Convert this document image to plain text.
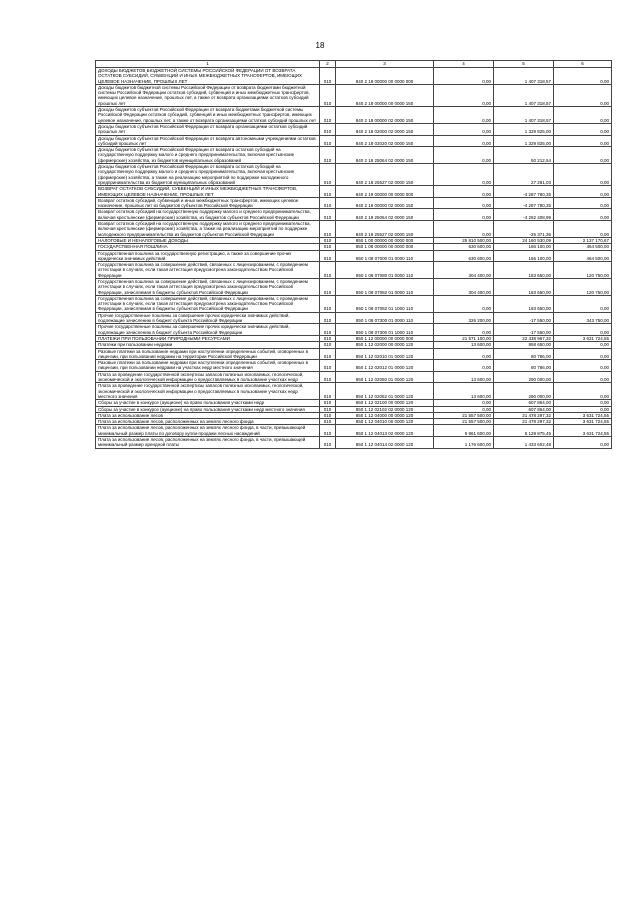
18
1	2	3	4	5	6
ДОХОДЫ БЮДЖЕТОВ БЮДЖЕТНОЙ СИСТЕМЫ РОССИЙСКОЙ ФЕДЕРАЦИИ ОТ ВОЗВРАТА ОСТАТКОВ СУБСИДИЙ, СУБВЕНЦИЙ И ИНЫХ МЕЖБЮДЖЕТНЫХ ТРАНСФЕРТОВ, ИМЕЮЩИХ ЦЕЛЕВОЕ НАЗНАЧЕНИЕ, ПРОШЛЫХ ЛЕТ	010	840 2 18 00000 00 0000 000	0,00	1 407 318,57	0,00
Доходы бюджетов бюджетной системы Российской Федерации от возврата бюджетами бюджетной системы Российской Федерации остатков субсидий, субвенций и иных межбюджетных трансфертов, имеющих целевое назначение, прошлых лет, а также от возврата организациями остатков субсидий прошлых лет	010	840 2 18 00000 00 0000 150	0,00	1 407 318,57	0,00
Доходы бюджетов субъектов Российской Федерации от возврата бюджетами бюджетной системы Российской Федерации остатков субсидий, субвенций и иных межбюджетных трансфертов, имеющих целевое назначение, прошлых лет, а также от возврата организациями остатков субсидий прошлых лет	010	840 2 18 00000 02 0000 150	0,00	1 407 318,57	0,00
Доходы бюджетов субъектов Российской Федерации от возврата организациями остатков субсидий прошлых лет	010	840 2 18 02000 02 0000 150	0,00	1 329 825,00	0,00
Доходы бюджетов субъектов Российской Федерации от возврата автономными учреждениями остатков субсидий прошлых лет	010	840 2 18 02020 02 0000 150	0,00	1 329 825,00	0,00
Доходы бюджетов субъектов Российской Федерации от возврата остатков субсидий на государственную поддержку малого и среднего предпринимательства, включая крестьянские (фермерские) хозяйства, из бюджетов муниципальных образований	010	840 2 18 25064 02 0000 150	0,00	50 212,54	0,00
Доходы бюджетов субъектов Российской Федерации от возврата остатков субсидий на государственную поддержку малого и среднего предпринимательства, включая крестьянские (фермерские) хозяйства, а также на реализацию мероприятий по поддержке молодежного предпринимательства из бюджетов муниципальных образований	010	840 2 18 25527 02 0000 150	0,00	27 281,03	0,00
ВОЗВРАТ ОСТАТКОВ СУБСИДИЙ, СУБВЕНЦИЙ И ИНЫХ МЕЖБЮДЖЕТНЫХ ТРАНСФЕРТОВ, ИМЕЮЩИХ ЦЕЛЕВОЕ НАЗНАЧЕНИЕ, ПРОШЛЫХ ЛЕТ	010	840 2 19 00000 00 0000 000	0,00	-4 287 780,35	0,00
Возврат остатков субсидий, субвенций и иных межбюджетных трансфертов, имеющих целевое назначение, прошлых лет из бюджетов субъектов Российской Федерации	010	840 2 19 00000 02 0000 150	0,00	-4 287 780,35	0,00
Возврат остатков субсидий на государственную поддержку малого и среднего предпринимательства, включая крестьянские (фермерские) хозяйства, из бюджетов субъектов Российской Федерации	010	840 2 19 25064 02 0000 150	0,00	-4 262 408,99	0,00
Возврат остатков субсидий на государственную поддержку малого и среднего предпринимательства, включая крестьянские (фермерские) хозяйства, а также на реализацию мероприятий по поддержке молодежного предпринимательства из бюджетов субъектов Российской Федерации	010	840 2 19 25527 02 0000 150	0,00	-25 371,36	0,00
НАЛОГОВЫЕ И НЕНАЛОГОВЫЕ ДОХОДЫ	010	850 1 00 00000 00 0000 000	25 810 500,00	24 160 530,09	2 137 170,67
ГОСУДАРСТВЕННАЯ ПОШЛИНА	010	850 1 08 00000 00 0000 000	630 600,00	166 100,00	464 500,00
Государственная пошлина за государственную регистрацию, а также за совершение прочих юридически значимых действий	010	850 1 08 07000 01 0000 110	630 600,00	166 100,00	464 500,00
Государственная пошлина за совершение действий, связанных с лицензированием, с проведением аттестации в случаях, если такая аттестация предусмотрена законодательством Российской Федерации	010	850 1 08 07080 01 0000 110	304 400,00	183 650,00	120 750,00
Государственная пошлина за совершение действий, связанных с лицензированием, с проведением аттестации в случаях, если такая аттестация предусмотрена законодательством Российской Федерации, зачисляемая в бюджеты субъектов Российской Федерации	010	850 1 08 07082 01 0000 110	304 400,00	183 650,00	120 750,00
Государственная пошлина за совершение действий, связанных с лицензированием, с проведением аттестации в случаях, если такая аттестация предусмотрена законодательством Российской Федерации, зачисляемая в бюджеты субъектов Российской Федерации	010	850 1 08 07082 01 1000 110	0,00	183 650,00	0,00
Прочие государственные пошлины за совершение прочих юридически значимых действий, подлежащие зачислению в бюджет субъекта Российской Федерации	010	850 1 08 07300 01 0000 110	326 200,00	-17 550,00	343 750,00
Прочие государственные пошлины за совершение прочих юридически значимых действий, подлежащие зачислению в бюджет субъекта Российской Федерации	010	850 1 08 07300 01 1000 110	0,00	-17 550,00	0,00
ПЛАТЕЖИ ПРИ ПОЛЬЗОВАНИИ ПРИРОДНЫМИ РЕСУРСАМИ	010	850 1 12 00000 00 0000 000	21 571 100,00	22 438 967,32	3 631 724,55
Платежи при пользовании недрами	010	850 1 12 02000 00 0000 120	13 600,00	958 650,00	0,00
Разовые платежи за пользование недрами при наступлении определенных событий, оговоренных в лицензии, при пользовании недрами на территории Российской Федерации	010	850 1 12 02010 01 0000 120	0,00	80 786,00	0,00
Разовые платежи за пользование недрами при наступлении определенных событий, оговоренных в лицензии, при пользовании недрами на участках недр местного значения	010	850 1 12 02012 01 0000 120	0,00	80 786,00	0,00
Плата за проведение государственной экспертизы запасов полезных ископаемых, геологической, экономической и экологической информации о предоставляемых в пользование участках недр	010	850 1 12 02050 01 0000 120	13 600,00	290 000,00	0,00
Плата за проведение государственной экспертизы запасов полезных ископаемых, геологической, экономической и экологической информации о предоставляемых в пользование участках недр местного значения	010	850 1 12 02052 01 0000 120	13 600,00	290 000,00	0,00
Сборы за участие в конкурсе (аукционе) на право пользования участками недр	010	850 1 12 02100 00 0000 120	0,00	607 864,00	0,00
Сборы за участие в конкурсе (аукционе) на право пользования участками недр местного значения	010	850 1 12 02102 02 0000 120	0,00	607 864,00	0,00
Плата за использование лесов	010	850 1 12 04000 00 0000 120	21 557 500,00	21 478 297,32	3 631 724,55
Плата за использование лесов, расположенных на землях лесного фонда	010	850 1 12 04010 00 0000 120	21 557 500,00	21 478 297,32	3 631 724,55
Плата за использование лесов, расположенных на землях лесного фонда, в части, превышающей минимальный размер платы по договору купли-продажи лесных насаждений	010	850 1 12 04013 02 0000 120	5 961 600,00	5 129 875,45	3 631 724,55
Плата за использование лесов, расположенных на землях лесного фонда, в части, превышающей минимальный размер арендной платы	010	850 1 12 04014 02 0000 120	1 176 600,00	1 433 602,48	0,00
